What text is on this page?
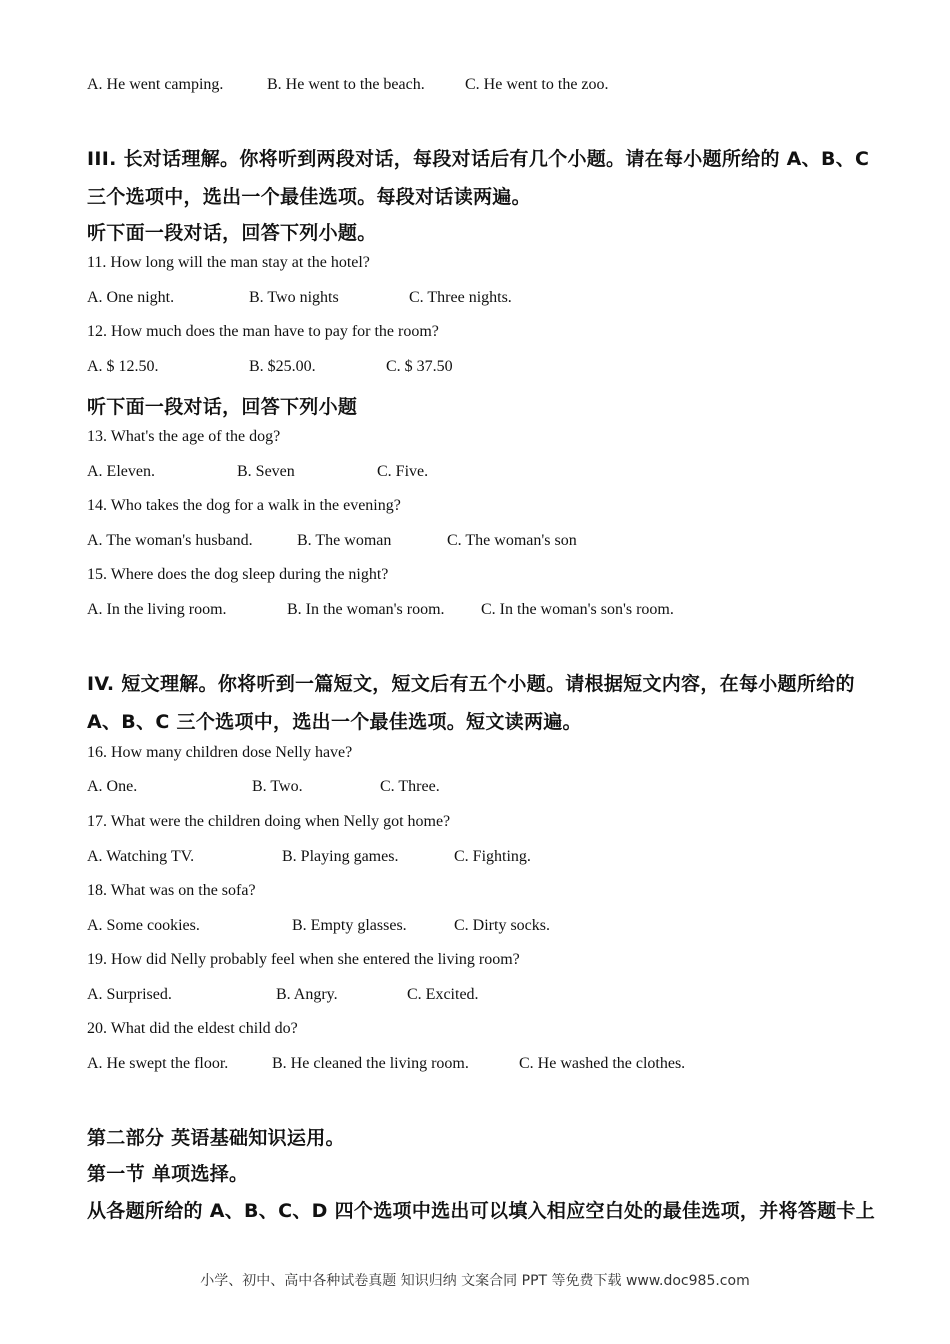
A. He went camping.	B. He went to the beach.	C. He went to the zoo.
III. 长对话理解。你将听到两段对话，每段对话后有几个小题。请在每小题所给的 A、B、C
三个选项中，选出一个最佳选项。每段对话读两遍。
听下面一段对话，回答下列小题。
11. How long will the man stay at the hotel?
A. One night.	B. Two nights	C. Three nights.
12. How much does the man have to pay for the room?
A. $ 12.50.	B. $25.00.	C. $ 37.50
听下面一段对话，回答下列小题
13. What's the age of the dog?
A. Eleven.	B. Seven	C. Five.
14. Who takes the dog for a walk in the evening?
A. The woman's husband.	B. The woman	C. The woman's son
15. Where does the dog sleep during the night?
A. In the living room.	B. In the woman's room. C. In the woman's son's room.
IV. 短文理解。你将听到一篇短文，短文后有五个小题。请根据短文内容，在每小题所给的
A、B、C 三个选项中，选出一个最佳选项。短文读两遍。
16. How many children dose Nelly have?
A. One.	B. Two.	C. Three.
17. What were the children doing when Nelly got home?
A. Watching TV.	B. Playing games.	C. Fighting.
18. What was on the sofa?
A. Some cookies.	B. Empty glasses.	C. Dirty socks.
19. How did Nelly probably feel when she entered the living room?
A. Surprised.	B. Angry.	C. Excited.
20. What did the eldest child do?
A. He swept the floor.	B. He cleaned the living room.	C. He washed the clothes.
第二部分 英语基础知识运用。
第一节 单项选择。
从各题所给的 A、B、C、D 四个选项中选出可以填入相应空白处的最佳选项，并将答题卡上
小学、初中、高中各种试卷真题 知识归纳 文案合同 PPT 等免费下载 www.doc985.com
